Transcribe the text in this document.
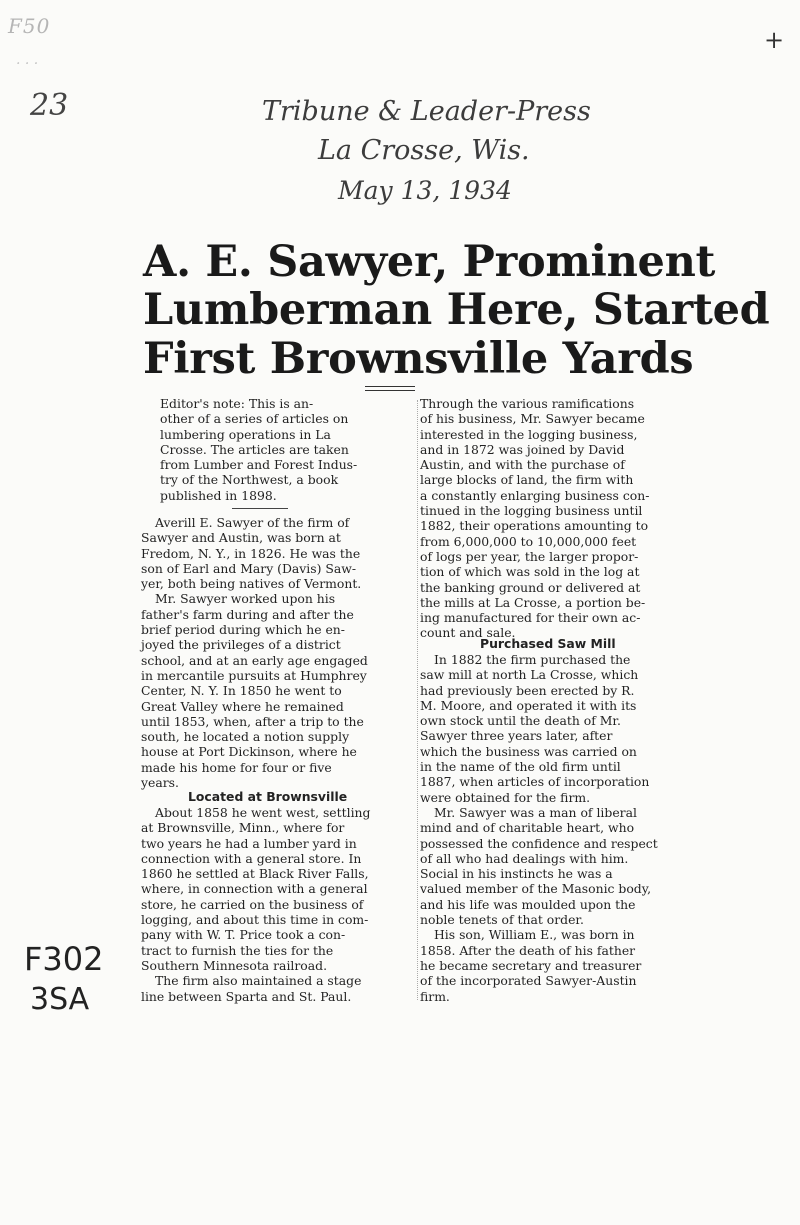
F50
. . .
23
+
Tribune & Leader-Press
La Crosse, Wis.
May 13, 1934
A. E. Sawyer, Prominent
Lumberman Here, Started
First Brownsville Yards
Editor's note: This is an-
other of a series of articles on
lumbering operations in La
Crosse. The articles are taken
from Lumber and Forest Indus-
try of the Northwest, a book
published in 1898.
Averill E. Sawyer of the firm of
Sawyer and Austin, was born at
Fredom, N. Y., in 1826. He was the
son of Earl and Mary (Davis) Saw-
yer, both being natives of Vermont.
Mr. Sawyer worked upon his
father's farm during and after the
brief period during which he en-
joyed the privileges of a district
school, and at an early age engaged
in mercantile pursuits at Humphrey
Center, N. Y. In 1850 he went to
Great Valley where he remained
until 1853, when, after a trip to the
south, he located a notion supply
house at Port Dickinson, where he
made his home for four or five
years.
Located at Brownsville
About 1858 he went west, settling
at Brownsville, Minn., where for
two years he had a lumber yard in
connection with a general store. In
1860 he settled at Black River Falls,
where, in connection with a general
store, he carried on the business of
logging, and about this time in com-
pany with W. T. Price took a con-
tract to furnish the ties for the
Southern Minnesota railroad.
The firm also maintained a stage
line between Sparta and St. Paul.
Through the various ramifications
of his business, Mr. Sawyer became
interested in the logging business,
and in 1872 was joined by David
Austin, and with the purchase of
large blocks of land, the firm with
a constantly enlarging business con-
tinued in the logging business until
1882, their operations amounting to
from 6,000,000 to 10,000,000 feet
of logs per year, the larger propor-
tion of which was sold in the log at
the banking ground or delivered at
the mills at La Crosse, a portion be-
ing manufactured for their own ac-
count and sale.
Purchased Saw Mill
In 1882 the firm purchased the
saw mill at north La Crosse, which
had previously been erected by R.
M. Moore, and operated it with its
own stock until the death of Mr.
Sawyer three years later, after
which the business was carried on
in the name of the old firm until
1887, when articles of incorporation
were obtained for the firm.
Mr. Sawyer was a man of liberal
mind and of charitable heart, who
possessed the confidence and respect
of all who had dealings with him.
Social in his instincts he was a
valued member of the Masonic body,
and his life was moulded upon the
noble tenets of that order.
His son, William E., was born in
1858. After the death of his father
he became secretary and treasurer
of the incorporated Sawyer-Austin
firm.
F302
3SA
